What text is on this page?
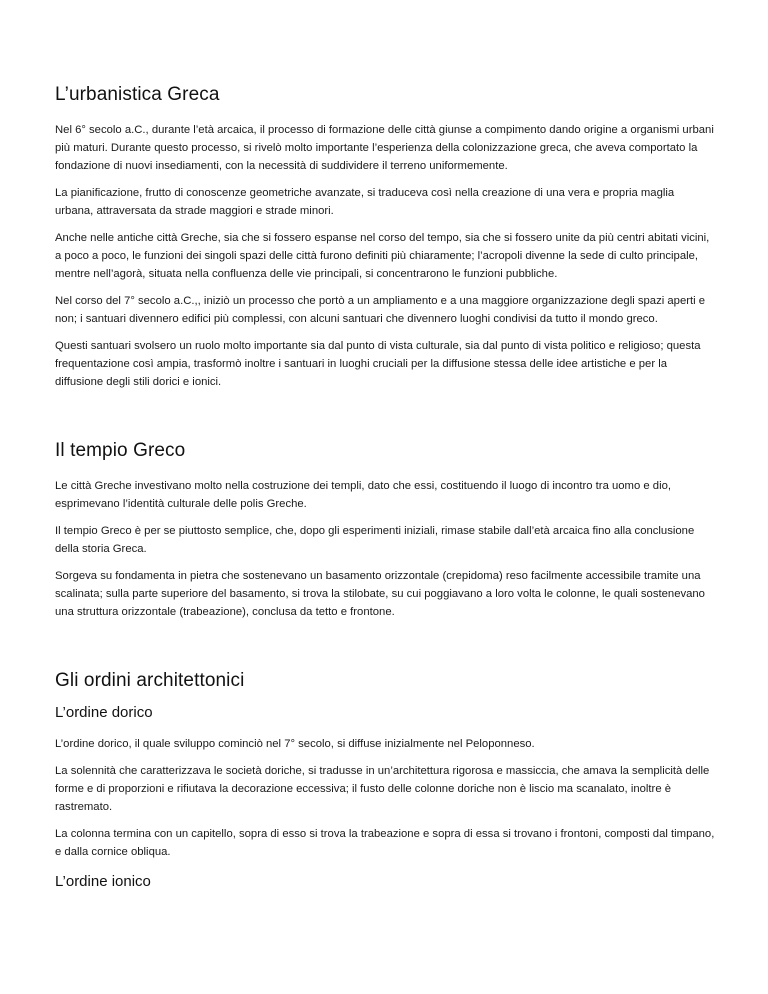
L’urbanistica Greca

Nel 6° secolo a.C., durante l’età arcaica, il processo di formazione delle città giunse a compimento dando origine a organismi urbani più maturi. Durante questo processo, si rivelò molto importante l’esperienza della colonizzazione greca, che aveva comportato la fondazione di nuovi insediamenti, con la necessità di suddividere il terreno uniformemente.

La pianificazione, frutto di conoscenze geometriche avanzate, si traduceva così nella creazione di una vera e propria maglia urbana, attraversata da strade maggiori e strade minori.

Anche nelle antiche città Greche, sia che si fossero espanse nel corso del tempo, sia che si fossero unite da più centri abitati vicini, a poco a poco, le funzioni dei singoli spazi delle città furono definiti più chiaramente; l’acropoli divenne la sede di culto principale, mentre nell’agorà, situata nella confluenza delle vie principali, si concentrarono le funzioni pubbliche.

Nel corso del 7° secolo a.C.,, iniziò un processo che portò a un ampliamento e a una maggiore organizzazione degli spazi aperti e non; i santuari divennero edifici più complessi, con alcuni santuari che divennero luoghi condivisi da tutto il mondo greco.

Questi santuari svolsero un ruolo molto importante sia dal punto di vista culturale, sia dal punto di vista politico e religioso; questa frequentazione così ampia, trasformò inoltre i santuari in luoghi cruciali per la diffusione stessa delle idee artistiche e per la diffusione degli stili dorici e ionici.

Il tempio Greco

Le città Greche investivano molto nella costruzione dei templi, dato che essi, costituendo il luogo di incontro tra uomo e dio, esprimevano l’identità culturale delle polis Greche.

Il tempio Greco è per se piuttosto semplice, che, dopo gli esperimenti iniziali, rimase stabile dall’età arcaica fino alla conclusione della storia Greca.

Sorgeva su fondamenta in pietra che sostenevano un basamento orizzontale (crepidoma) reso facilmente accessibile tramite una scalinata; sulla parte superiore del basamento, si trova la stilobate, su cui poggiavano a loro volta le colonne, le quali sostenevano una struttura orizzontale (trabeazione), conclusa da tetto e frontone.

Gli ordini architettonici
L’ordine dorico

L’ordine dorico, il quale sviluppo cominciò nel 7° secolo, si diffuse inizialmente nel Peloponneso.

La solennità che caratterizzava le società doriche, si tradusse in un’architettura rigorosa e massiccia, che amava la semplicità delle forme e di proporzioni e rifiutava la decorazione eccessiva; il fusto delle colonne doriche non è liscio ma scanalato, inoltre è rastremato.

La colonna termina con un capitello, sopra di esso si trova la trabeazione e sopra di essa si trovano i frontoni, composti dal timpano, e dalla cornice obliqua.

L’ordine ionico
